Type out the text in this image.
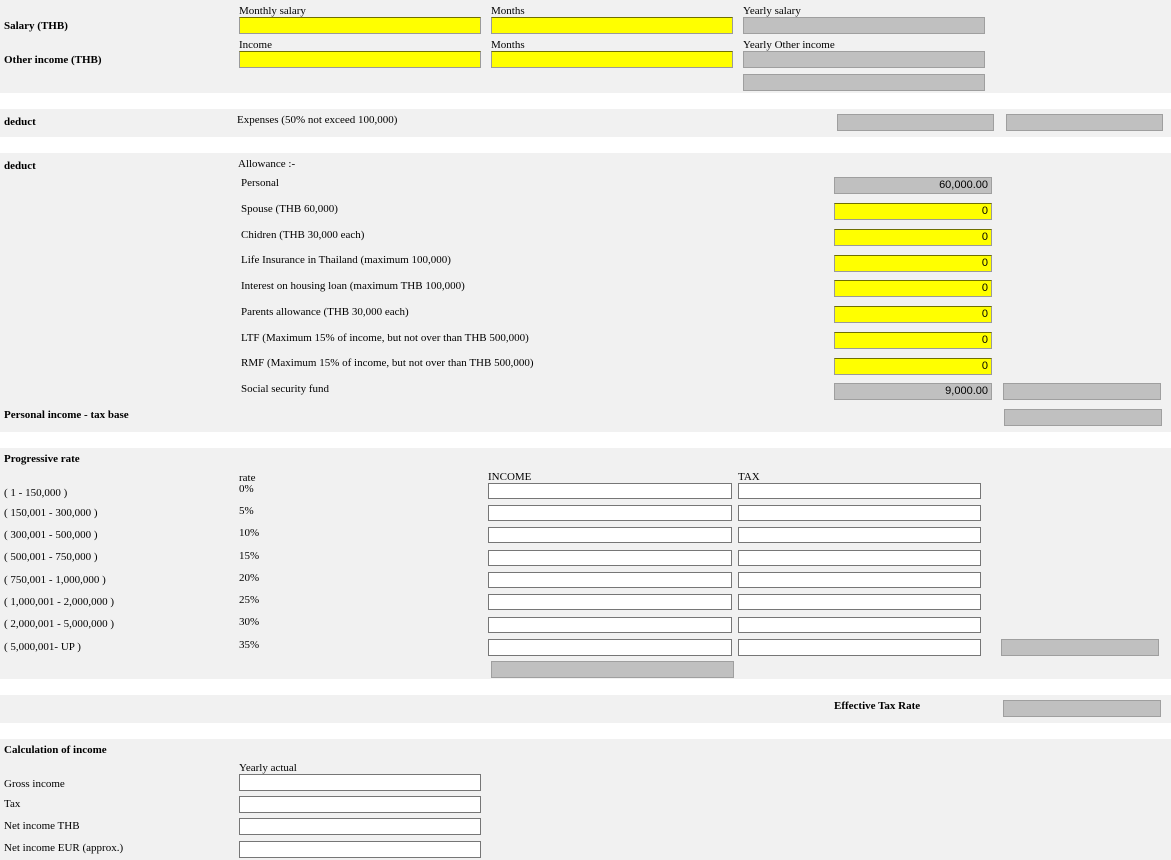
Salary (THB)
Monthly salary	Months	Yearly salary
Other income (THB)
Income	Months	Yearly Other income
deduct	Expenses (50% not exceed 100,000)
deduct	Allowance :-
Personal	60,000.00
Spouse (THB 60,000)	0
Chidren (THB 30,000 each)	0
Life Insurance in Thailand (maximum 100,000)	0
Interest on housing loan (maximum THB 100,000)	0
Parents allowance (THB 30,000 each)	0
LTF (Maximum 15% of income, but not over than THB 500,000)	0
RMF (Maximum 15% of income, but not over than THB 500,000)	0
Social security fund	9,000.00
Personal income - tax base
Progressive rate
rate	INCOME	TAX
( 1 - 150,000 )	0%
( 150,001 - 300,000 )	5%
( 300,001 - 500,000 )	10%
( 500,001 - 750,000 )	15%
( 750,001 - 1,000,000 )	20%
( 1,000,001 - 2,000,000 )	25%
( 2,000,001 - 5,000,000 )	30%
( 5,000,001- UP )	35%
Effective Tax Rate
Calculation of income
Yearly actual
Gross income
Tax
Net income THB
Net income EUR (approx.)
